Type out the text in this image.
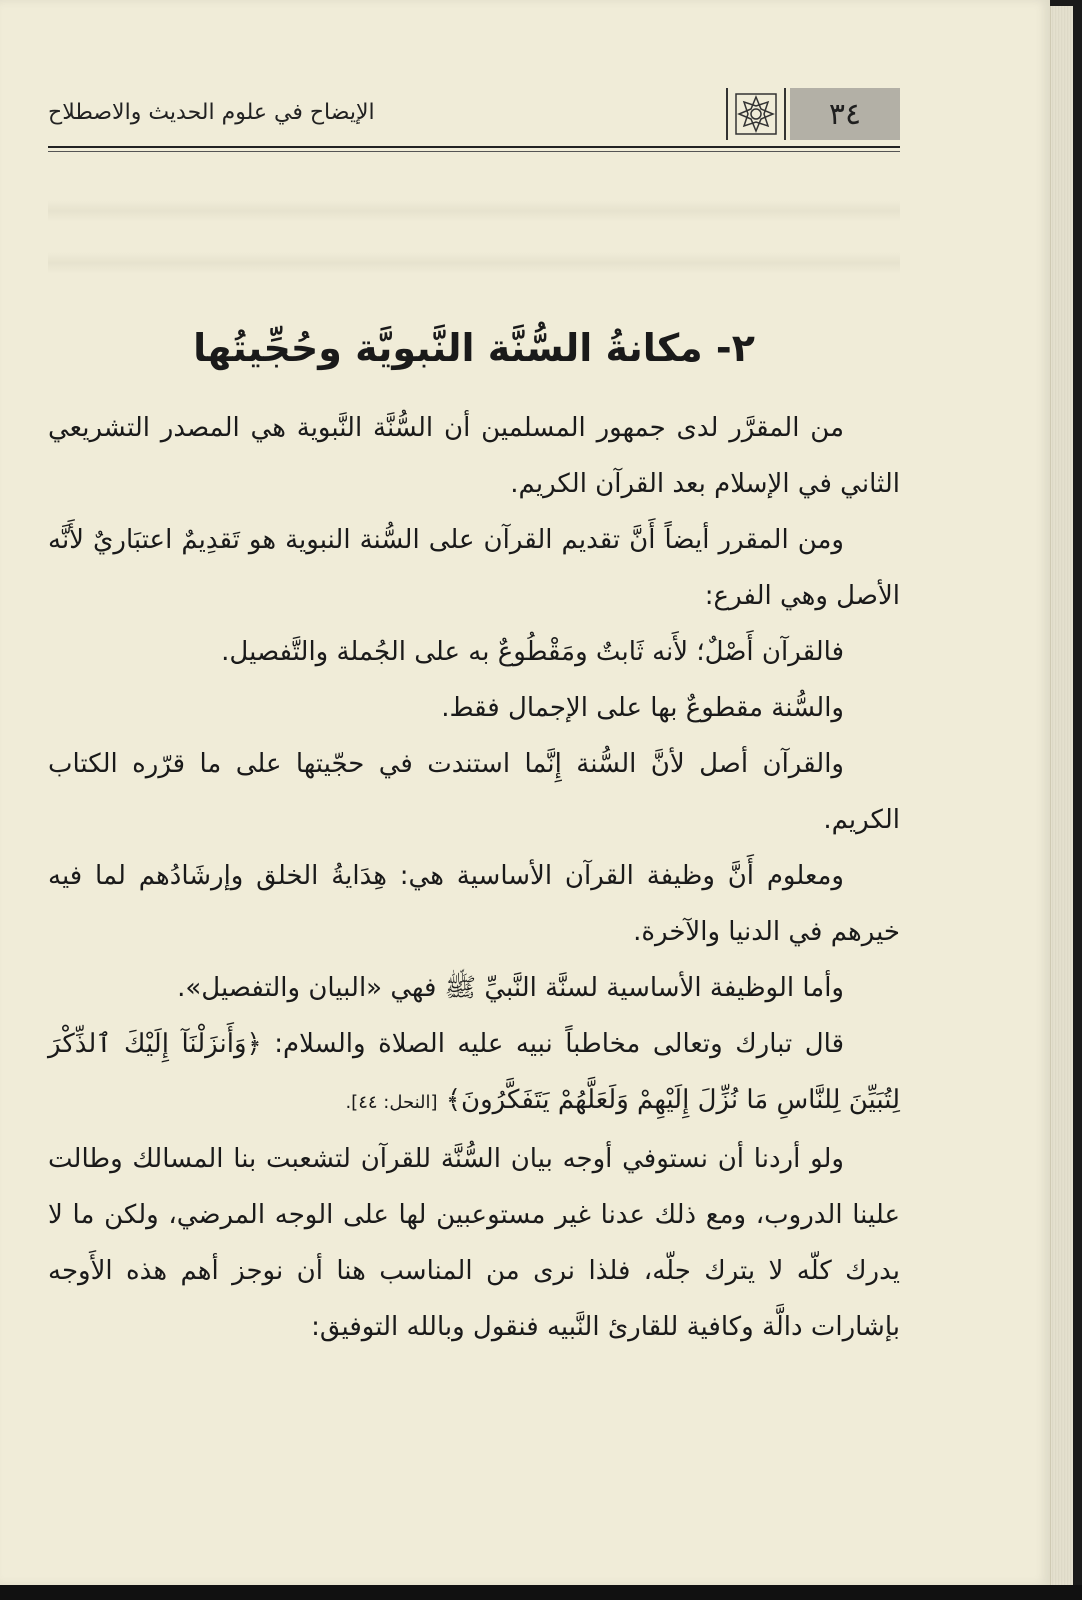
الإيضاح في علوم الحديث والاصطلاح	٣٤
٢- مكانةُ السُّنَّة النَّبويَّة وحُجِّيتُها

من المقرَّر لدى جمهور المسلمين أن السُّنَّة النَّبوية هي المصدر التشريعي الثاني في الإسلام بعد القرآن الكريم.

ومن المقرر أيضاً أَنَّ تقديم القرآن على السُّنة النبوية هو تَقدِيمٌ اعتبَاريٌ لأَنَّه الأصل وهي الفرع:

فالقرآن أَصْلٌ؛ لأَنه ثَابتٌ ومَقْطُوعٌ به على الجُملة والتَّفصيل.

والسُّنة مقطوعٌ بها على الإجمال فقط.

والقرآن أصل لأنَّ السُّنة إِنَّما استندت في حجّيتها على ما قرّره الكتاب الكريم.

ومعلوم أَنَّ وظيفة القرآن الأساسية هي: هِدَايةُ الخلق وإرشَادُهم لما فيه خيرهم في الدنيا والآخرة.

وأما الوظيفة الأساسية لسنَّة النَّبيِّ ﷺ فهي «البيان والتفصيل».

قال تبارك وتعالى مخاطباً نبيه عليه الصلاة والسلام: ﴿وَأَنزَلْنَآ إِلَيْكَ ٱلذِّكْرَ لِتُبَيِّنَ لِلنَّاسِ مَا نُزِّلَ إِلَيْهِمْ وَلَعَلَّهُمْ يَتَفَكَّرُونَ﴾ [النحل: ٤٤].

ولو أردنا أن نستوفي أوجه بيان السُّنَّة للقرآن لتشعبت بنا المسالك وطالت علينا الدروب، ومع ذلك عدنا غير مستوعبين لها على الوجه المرضي، ولكن ما لا يدرك كلّه لا يترك جلّه، فلذا نرى من المناسب هنا أن نوجز أهم هذه الأَوجه بإشارات دالَّة وكافية للقارئ النَّبيه فنقول وبالله التوفيق:
